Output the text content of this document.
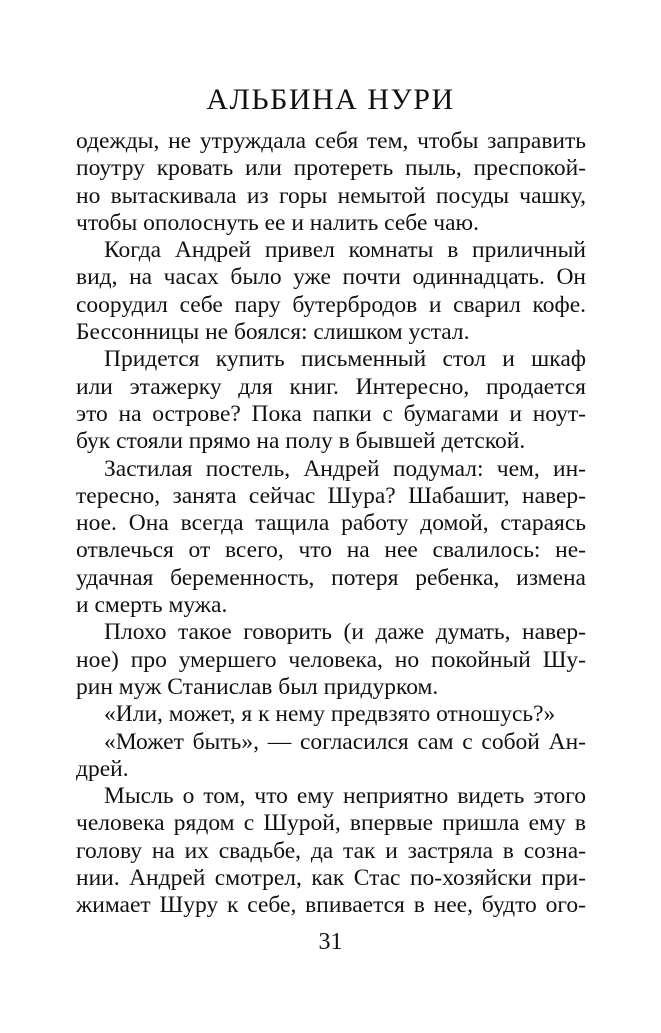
АЛЬБИНА НУРИ
одежды, не утруждала себя тем, чтобы заправить
поутру кровать или протереть пыль, преспокой-
но вытаскивала из горы немытой посуды чашку,
чтобы ополоснуть ее и налить себе чаю.
Когда Андрей привел комнаты в приличный
вид, на часах было уже почти одиннадцать. Он
соорудил себе пару бутербродов и сварил кофе.
Бессонницы не боялся: слишком устал.
Придется купить письменный стол и шкаф
или этажерку для книг. Интересно, продается
это на острове? Пока папки с бумагами и ноут-
бук стояли прямо на полу в бывшей детской.
Застилая постель, Андрей подумал: чем, ин-
тересно, занята сейчас Шура? Шабашит, навер-
ное. Она всегда тащила работу домой, стараясь
отвлечься от всего, что на нее свалилось: не-
удачная беременность, потеря ребенка, измена
и смерть мужа.
Плохо такое говорить (и даже думать, навер-
ное) про умершего человека, но покойный Шу-
рин муж Станислав был придурком.
«Или, может, я к нему предвзято отношусь?»
«Может быть», — согласился сам с собой Ан-
дрей.
Мысль о том, что ему неприятно видеть этого
человека рядом с Шурой, впервые пришла ему в
голову на их свадьбе, да так и застряла в созна-
нии. Андрей смотрел, как Стас по-хозяйски при-
жимает Шуру к себе, впивается в нее, будто ого-
31
